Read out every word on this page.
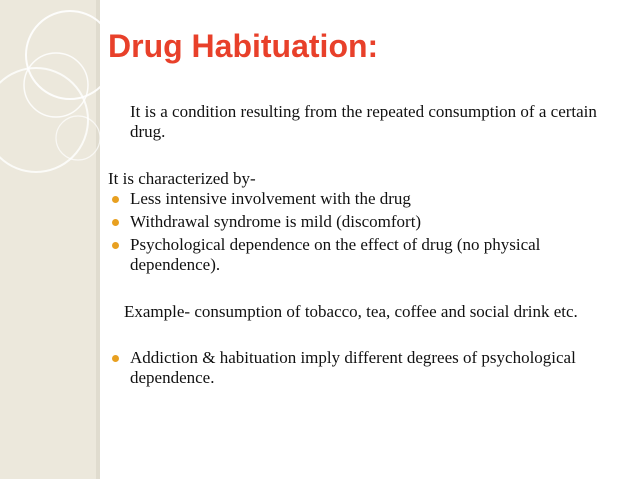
Drug Habituation:

It is a condition resulting from the repeated consumption of a certain drug.

It is characterized by-

Less intensive involvement with the drug
Withdrawal syndrome is mild (discomfort)
Psychological dependence on the effect of drug (no physical dependence).

Example- consumption of tobacco, tea, coffee and social drink etc.

Addiction & habituation imply different degrees of psychological dependence.
